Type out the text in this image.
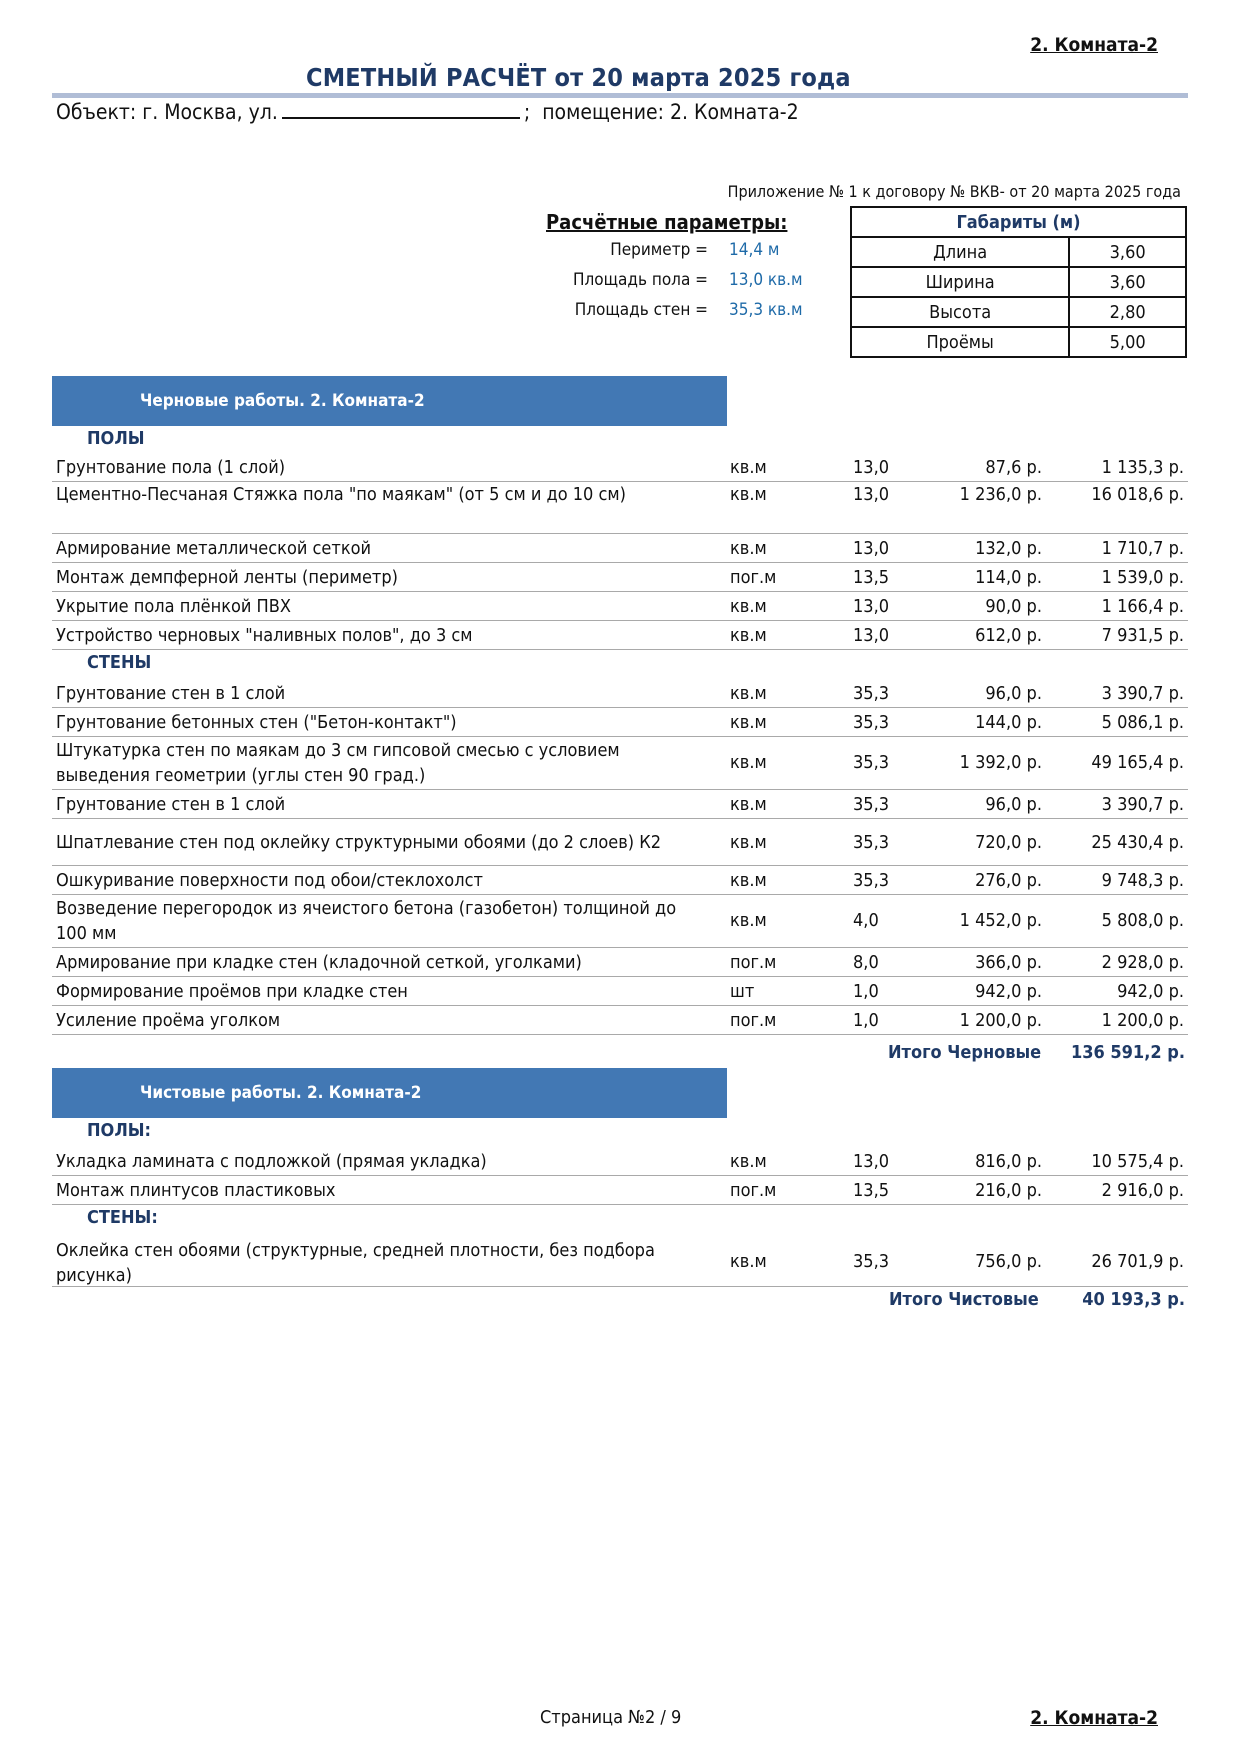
2. Комната-2
СМЕТНЫЙ РАСЧЁТ от 20 марта 2025 года
Объект: г. Москва, ул.	;  помещение: 2. Комната-2
Приложение № 1 к договору № ВКВ- от 20 марта 2025 года
Расчётные параметры:
Периметр = 14,4 м
Площадь пола = 13,0 кв.м
Площадь стен = 35,3 кв.м
Габариты (м)	
Длина	3,60
Ширина	3,60
Высота	2,80
Проёмы	5,00
Черновые работы. 2. Комната-2
ПОЛЫ
Грунтование пола (1 слой)	кв.м	13,0	87,6 р.	1 135,3 р.
Цементно-Песчаная Стяжка пола "по маякам" (от 5 см и до 10 см)	кв.м	13,0	1 236,0 р.	16 018,6 р.
Армирование металлической сеткой	кв.м	13,0	132,0 р.	1 710,7 р.
Монтаж демпферной ленты (периметр)	пог.м	13,5	114,0 р.	1 539,0 р.
Укрытие пола плёнкой ПВХ	кв.м	13,0	90,0 р.	1 166,4 р.
Устройство черновых "наливных полов", до 3 см	кв.м	13,0	612,0 р.	7 931,5 р.
СТЕНЫ
Грунтование стен в 1 слой	кв.м	35,3	96,0 р.	3 390,7 р.
Грунтование бетонных стен ("Бетон-контакт")	кв.м	35,3	144,0 р.	5 086,1 р.
Штукатурка стен по маякам до 3 см гипсовой смесью с условием выведения геометрии (углы стен 90 град.)
кв.м	35,3	1 392,0 р.	49 165,4 р.
Грунтование стен в 1 слой	кв.м	35,3	96,0 р.	3 390,7 р.
Шпатлевание стен под оклейку структурными обоями (до 2 слоев) К2	кв.м	35,3	720,0 р.	25 430,4 р.
Ошкуривание поверхности под обои/стеклохолст	кв.м	35,3	276,0 р.	9 748,3 р.
Возведение перегородок из ячеистого бетона (газобетон) толщиной до 100 мм
кв.м	4,0	1 452,0 р.	5 808,0 р.
Армирование при кладке стен (кладочной сеткой, уголками)	пог.м	8,0	366,0 р.	2 928,0 р.
Формирование проёмов при кладке стен	шт	1,0	942,0 р.	942,0 р.
Усиление проёма уголком	пог.м	1,0	1 200,0 р.	1 200,0 р.
Итого Черновые 136 591,2 р.
Чистовые работы. 2. Комната-2
ПОЛЫ:
Укладка ламината с подложкой (прямая укладка)	кв.м	13,0	816,0 р.	10 575,4 р.
Монтаж плинтусов пластиковых	пог.м	13,5	216,0 р.	2 916,0 р.
СТЕНЫ:
Оклейка стен обоями (структурные, средней плотности, без подбора рисунка)
кв.м	35,3	756,0 р.	26 701,9 р.
Итого Чистовые 40 193,3 р.
Страница №2 / 9	2. Комната-2
